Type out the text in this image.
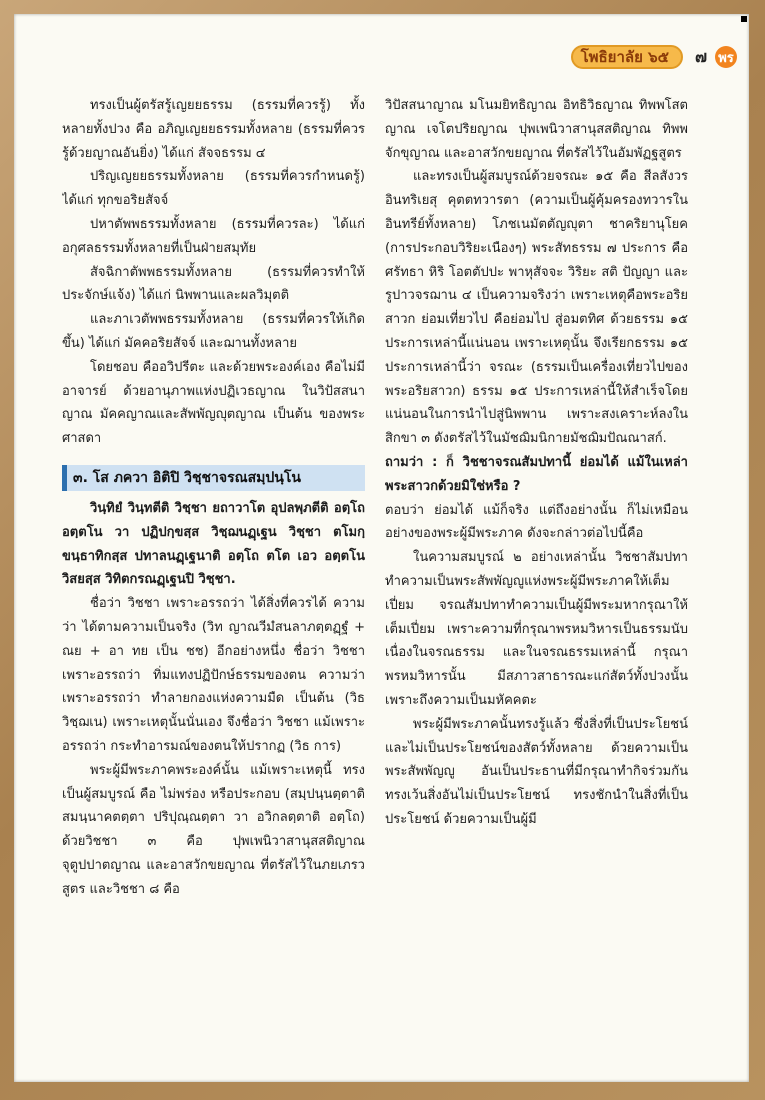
โพธิยาลัย ๖๕	๗ พร

ทรงเป็นผู้ตรัสรู้เญยยธรรม (ธรรมที่ควรรู้) ทั้งหลายทั้งปวง คือ อภิญเญยยธรรมทั้งหลาย (ธรรมที่ควรรู้ด้วยญาณอันยิ่ง) ได้แก่ สัจจธรรม ๔

ปริญเญยยธรรมทั้งหลาย (ธรรมที่ควรกำหนดรู้) ได้แก่ ทุกขอริยสัจจ์

ปหาตัพพธรรมทั้งหลาย (ธรรมที่ควรละ) ได้แก่ อกุศลธรรมทั้งหลายที่เป็นฝ่ายสมุทัย

สัจฉิกาตัพพธรรมทั้งหลาย (ธรรมที่ควรทำให้ประจักษ์แจ้ง) ได้แก่ นิพพานและผลวิมุตติ

และภาเวตัพพธรรมทั้งหลาย (ธรรมที่ควรให้เกิดขึ้น) ได้แก่ มัคคอริยสัจจ์ และฌานทั้งหลาย

โดยชอบ คืออวิปรีตะ และด้วยพระองค์เอง คือไม่มีอาจารย์ ด้วยอานุภาพแห่งปฏิเวธญาณ ในวิปัสสนาญาณ มัคคญาณและสัพพัญญุตญาณ เป็นต้น ของพระศาสดา

๓. โส ภควา อิติปิ วิชฺชาจรณสมฺปนฺโน

วินฺทิยํ วินฺทตีติ วิชฺชา ยถาวาโต อุปลพฺภตีติ อตฺโถ อตฺตโน วา ปฏิปกฺขสฺส วิชฺฌนฏฺเฐน วิชฺชา ตโมกฺขนฺธาทิกสฺส ปทาลนฏฺเฐนาติ อตฺโถ ตโต เอว อตฺตโน วิสยสฺส วิทิตกรณฏฺเฐนปิ วิชฺชา.

ชื่อว่า วิชชา เพราะอรรถว่า ได้สิ่งที่ควรได้ ความว่า ได้ตามความเป็นจริง (วิท ญาณวีมํสนลาภตฺตฏฺฐํ + ณย + อา ทย เป็น ชช) อีกอย่างหนึ่ง ชื่อว่า วิชชา เพราะอรรถว่า ทิ่มแทงปฏิปักษ์ธรรมของตน ความว่า เพราะอรรถว่า ทำลายกองแห่งความมืด เป็นต้น (วิธ วิชฺฌเน) เพราะเหตุนั้นนั่นเอง จึงชื่อว่า วิชชา แม้เพราะอรรถว่า กระทำอารมณ์ของตนให้ปรากฏ (วิธ การ)

พระผู้มีพระภาคพระองค์นั้น แม้เพราะเหตุนี้ ทรงเป็นผู้สมบูรณ์ คือ ไม่พร่อง หรือประกอบ (สมฺปนฺนตฺตาติ สมนฺนาคตตฺตา ปริปุณฺณตฺตา วา อวิกลตฺตาติ อตฺโถ) ด้วยวิชชา ๓ คือ ปุพเพนิวาสานุสสติญาณ จุตูปปาตญาณ และอาสวักขยญาณ ที่ตรัสไว้ในภยเภรวสูตร และวิชชา ๘ คือ

วิปัสสนาญาณ มโนมยิทธิญาณ อิทธิวิธญาณ ทิพพโสตญาณ เจโตปริยญาณ ปุพเพนิวาสานุสสติญาณ ทิพพจักขุญาณ และอาสวักขยญาณ ที่ตรัสไว้ในอัมพัฏฐสูตร

และทรงเป็นผู้สมบูรณ์ด้วยจรณะ ๑๕ คือ สีลสังวร อินทริเยสุ คุตตทวารตา (ความเป็นผู้คุ้มครองทวารในอินทรีย์ทั้งหลาย) โภชเนมัตตัญญุตา ชาคริยานุโยค (การประกอบวิริยะเนืองๆ) พระสัทธรรม ๗ ประการ คือ ศรัทธา หิริ โอตตัปปะ พาหุสัจจะ วิริยะ สติ ปัญญา และ รูปาวจรฌาน ๔ เป็นความจริงว่า เพราะเหตุคือพระอริยสาวก ย่อมเที่ยวไป คือย่อมไป สู่อมตทิศ ด้วยธรรม ๑๕ ประการเหล่านี้แน่นอน เพราะเหตุนั้น จึงเรียกธรรม ๑๕ ประการเหล่านี้ว่า จรณะ (ธรรมเป็นเครื่องเที่ยวไปของพระอริยสาวก) ธรรม ๑๕ ประการเหล่านี้ให้สำเร็จโดยแน่นอนในการนำไปสู่นิพพาน เพราะสงเคราะห์ลงในสิกขา ๓ ดังตรัสไว้ในมัชฌิมนิกายมัชฌิมปัณณาสก์.

ถามว่า : ก็ วิชชาจรณสัมปทานี้ ย่อมได้ แม้ในเหล่าพระสาวกด้วยมิใช่หรือ ?

ตอบว่า ย่อมได้ แม้ก็จริง แต่ถึงอย่างนั้น ก็ไม่เหมือนอย่างของพระผู้มีพระภาค ดังจะกล่าวต่อไปนี้คือ

ในความสมบูรณ์ ๒ อย่างเหล่านั้น วิชชาสัมปทาทำความเป็นพระสัพพัญญูแห่งพระผู้มีพระภาคให้เต็มเปี่ยม จรณสัมปทาทำความเป็นผู้มีพระมหากรุณาให้เต็มเปี่ยม เพราะความที่กรุณาพรหมวิหารเป็นธรรมนับเนื่องในจรณธรรม และในจรณธรรมเหล่านี้ กรุณาพรหมวิหารนั้น มีสภาวสาธารณะแก่สัตว์ทั้งปวงนั้น เพราะถึงความเป็นมหัคคตะ

พระผู้มีพระภาคนั้นทรงรู้แล้ว ซึ่งสิ่งที่เป็นประโยชน์และไม่เป็นประโยชน์ของสัตว์ทั้งหลาย ด้วยความเป็นพระสัพพัญญู อันเป็นประธานที่มีกรุณาทำกิจร่วมกัน ทรงเว้นสิ่งอันไม่เป็นประโยชน์ ทรงชักนำในสิ่งที่เป็นประโยชน์ ด้วยความเป็นผู้มี
